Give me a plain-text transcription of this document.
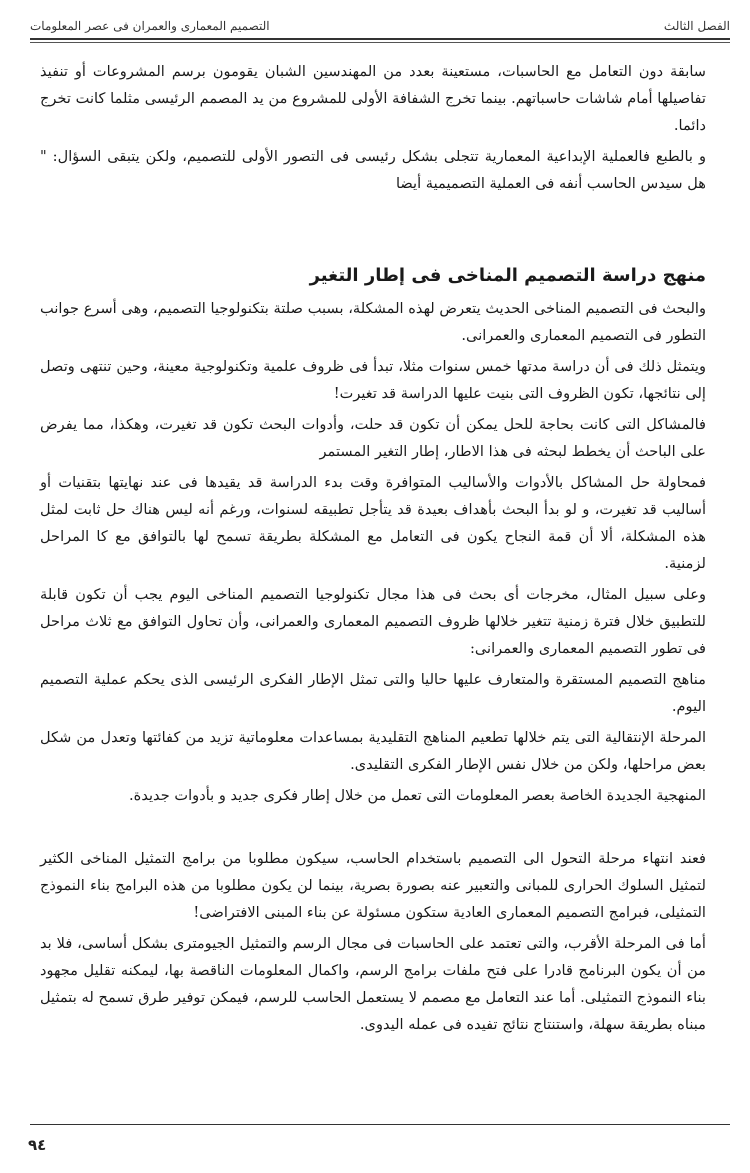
الفصل الثالث
التصميم المعمارى والعمران فى عصر المعلومات

سابقة دون التعامل مع الحاسبات، مستعينة بعدد من المهندسين الشبان يقومون برسم المشروعات أو تنفيذ تفاصيلها أمام شاشات حاسباتهم. بينما تخرج الشفافة الأولى للمشروع من يد المصمم الرئيسى مثلما كانت تخرج دائما.

و بالطبع فالعملية الإبداعية المعمارية تتجلى بشكل رئيسى فى التصور الأولى للتصميم، ولكن يتبقى السؤال: " هل سيدس الحاسب أنفه فى العملية التصميمية أيضا

منهج دراسة التصميم المناخى فى إطار التغير

والبحث فى التصميم المناخى الحديث يتعرض لهذه المشكلة، بسبب صلتة بتكنولوجيا التصميم، وهى أسرع جوانب التطور فى التصميم المعمارى والعمرانى.

ويتمثل ذلك فى أن دراسة مدتها خمس سنوات مثلا، تبدأ فى ظروف علمية وتكنولوجية معينة، وحين تنتهى وتصل إلى نتائجها، تكون الظروف التى بنيت عليها الدراسة قد تغيرت!

فالمشاكل التى كانت بحاجة للحل يمكن أن تكون قد حلت، وأدوات البحث تكون قد تغيرت، وهكذا، مما يفرض على الباحث أن يخطط لبحثه فى هذا الاطار، إطار التغير المستمر

فمحاولة حل المشاكل بالأدوات والأساليب المتوافرة وقت بدء الدراسة قد يقيدها فى عند نهايتها بتقنيات أو أساليب قد تغيرت، و لو بدأ البحث بأهداف بعيدة قد يتأجل تطبيقه لسنوات، ورغم أنه ليس هناك حل ثابت لمثل هذه المشكلة، ألا أن قمة النجاح يكون فى التعامل مع المشكلة بطريقة تسمح لها بالتوافق مع كا المراحل لزمنية.

وعلى سبيل المثال، مخرجات أى بحث فى هذا مجال تكنولوجيا التصميم المناخى اليوم يجب أن تكون قابلة للتطبيق خلال فترة زمنية تتغير خلالها ظروف التصميم المعمارى والعمرانى، وأن تحاول التوافق مع ثلاث مراحل فى تطور التصميم المعمارى والعمرانى:

مناهج التصميم المستقرة والمتعارف عليها حاليا والتى تمثل الإطار الفكرى الرئيسى الذى يحكم عملية التصميم اليوم.

المرحلة الإنتقالية التى يتم خلالها تطعيم المناهج التقليدية بمساعدات معلوماتية تزيد من كفائتها وتعدل من شكل بعض مراحلها، ولكن من خلال نفس الإطار الفكرى التقليدى.

المنهجية الجديدة الخاصة بعصر المعلومات التى تعمل من خلال إطار فكرى جديد و بأدوات جديدة.

فعند انتهاء مرحلة التحول الى التصميم باستخدام الحاسب، سيكون مطلوبا من برامج التمثيل المناخى الكثير لتمثيل السلوك الحرارى للمبانى والتعبير عنه بصورة بصرية، بينما لن يكون مطلوبا من هذه البرامج بناء النموذج التمثيلى، فبرامج التصميم المعمارى العادية ستكون مسئولة عن بناء المبنى الافتراضى!

أما فى المرحلة الأقرب، والتى تعتمد على الحاسبات فى مجال الرسم والتمثيل الجيومترى بشكل أساسى، فلا بد من أن يكون البرنامج قادرا على فتح ملفات برامج الرسم، واكمال المعلومات الناقصة بها، ليمكنه تقليل مجهود بناء النموذج التمثيلى. أما عند التعامل مع مصمم لا يستعمل الحاسب للرسم، فيمكن توفير طرق تسمح له بتمثيل مبناه بطريقة سهلة، واستنتاج نتائج تفيده فى عمله اليدوى.

٩٤
